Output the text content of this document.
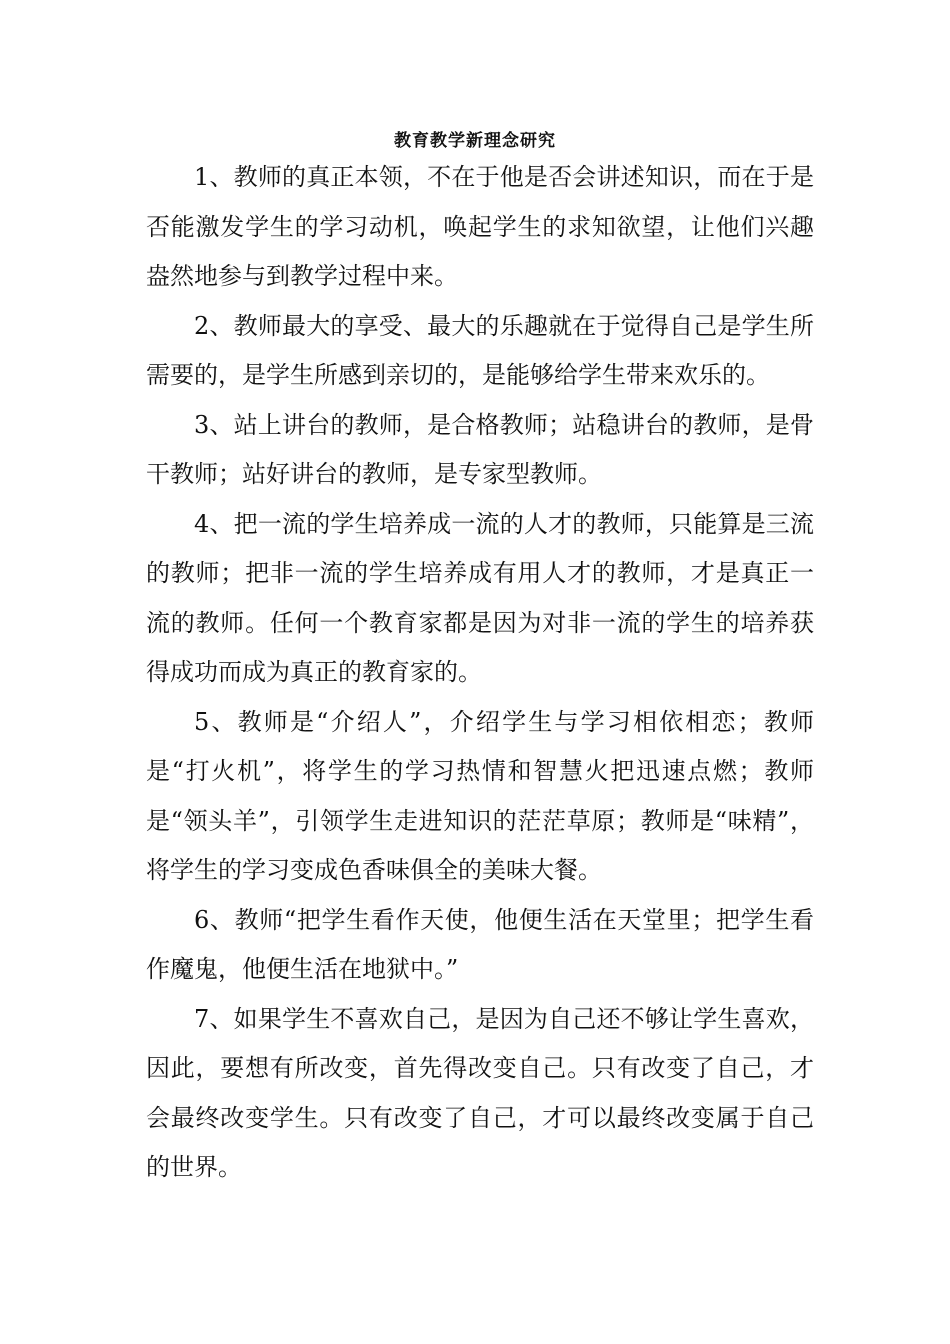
教育教学新理念研究

1、教师的真正本领，不在于他是否会讲述知识，而在于是否能激发学生的学习动机，唤起学生的求知欲望，让他们兴趣盎然地参与到教学过程中来。

2、教师最大的享受、最大的乐趣就在于觉得自己是学生所需要的，是学生所感到亲切的，是能够给学生带来欢乐的。

3、站上讲台的教师，是合格教师；站稳讲台的教师，是骨干教师；站好讲台的教师，是专家型教师。

4、把一流的学生培养成一流的人才的教师，只能算是三流的教师；把非一流的学生培养成有用人才的教师，才是真正一流的教师。任何一个教育家都是因为对非一流的学生的培养获得成功而成为真正的教育家的。

5、教师是“介绍人”，介绍学生与学习相依相恋；教师是“打火机”，将学生的学习热情和智慧火把迅速点燃；教师是“领头羊”，引领学生走进知识的茫茫草原；教师是“味精”，将学生的学习变成色香味俱全的美味大餐。

6、教师“把学生看作天使，他便生活在天堂里；把学生看作魔鬼，他便生活在地狱中。”

7、如果学生不喜欢自己，是因为自己还不够让学生喜欢，因此，要想有所改变，首先得改变自己。只有改变了自己，才会最终改变学生。只有改变了自己，才可以最终改变属于自己的世界。
